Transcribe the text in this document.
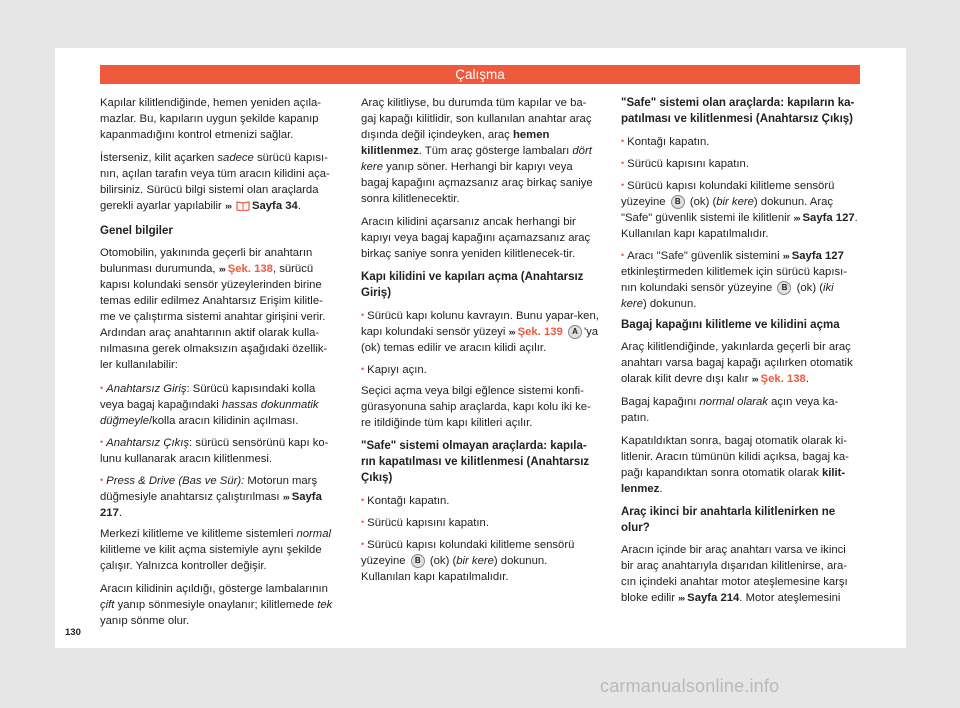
Çalışma

Kapılar kilitlendiğinde, hemen yeniden açıla-mazlar. Bu, kapıların uygun şekilde kapanıp kapanmadığını kontrol etmenizi sağlar.

İsterseniz, kilit açarken sadece sürücü kapısı-nın, açılan tarafın veya tüm aracın kilidini aça-bilirsiniz. Sürücü bilgi sistemi olan araçlarda gerekli ayarlar yapılabilir ››› Sayfa 34.

Genel bilgiler

Otomobilin, yakınında geçerli bir anahtarın bulunması durumunda, ››› Şek. 138, sürücü kapısı kolundaki sensör yüzeylerinden birine temas edilir edilmez Anahtarsız Erişim kilitle-me ve çalıştırma sistemi anahtar girişini verir. Ardından araç anahtarının aktif olarak kulla-nılmasına gerek olmaksızın aşağıdaki özellik-ler kullanılabilir:

• Anahtarsız Giriş: Sürücü kapısındaki kolla veya bagaj kapağındaki hassas dokunmatik düğmeyle/kolla aracın kilidinin açılması.
• Anahtarsız Çıkış: sürücü sensörünü kapı ko-lunu kullanarak aracın kilitlenmesi.
• Press & Drive (Bas ve Sür): Motorun marş düğmesiyle anahtarsız çalıştırılması ››› Sayfa 217.

Merkezi kilitleme ve kilitleme sistemleri normal kilitleme ve kilit açma sistemiyle aynı şekilde çalışır. Yalnızca kontroller değişir.

Aracın kilidinin açıldığı, gösterge lambalarının çift yanıp sönmesiyle onaylanır; kilitlemede tek yanıp sönme olur.

Araç kilitliyse, bu durumda tüm kapılar ve ba-gaj kapağı kilitlidir, son kullanılan anahtar araç dışında değil içindeyken, araç hemen kilitlenmez. Tüm araç gösterge lambaları dört kere yanıp söner. Herhangi bir kapıyı veya bagaj kapağını açmazsanız araç birkaç saniye sonra kilitlenecektir.

Aracın kilidini açarsanız ancak herhangi bir kapıyı veya bagaj kapağını açamazsanız araç birkaç saniye sonra yeniden kilitlenecek-tir.

Kapı kilidini ve kapıları açma (Anahtarsız Giriş)
• Sürücü kapı kolunu kavrayın. Bunu yapar-ken, kapı kolundaki sensör yüzeyi ››› Şek. 139 A 'ya (ok) temas edilir ve aracın kilidi açılır.
• Kapıyı açın.

Seçici açma veya bilgi eğlence sistemi konfi-gürasyonuna sahip araçlarda, kapı kolu iki ke-re itildiğinde tüm kapı kilitleri açılır.

"Safe" sistemi olmayan araçlarda: kapıla-rın kapatılması ve kilitlenmesi (Anahtarsız Çıkış)
• Kontağı kapatın.
• Sürücü kapısını kapatın.
• Sürücü kapısı kolundaki kilitleme sensörü yüzeyine B (ok) (bir kere) dokunun. Kullanılan kapı kapatılmalıdır.
"Safe" sistemi olan araçlarda: kapıların ka-patılması ve kilitlenmesi (Anahtarsız Çıkış)
• Kontağı kapatın.
• Sürücü kapısını kapatın.
• Sürücü kapısı kolundaki kilitleme sensörü yüzeyine B (ok) (bir kere) dokunun. Araç "Safe" güvenlik sistemi ile kilitlenir ››› Sayfa 127. Kullanılan kapı kapatılmalıdır.
• Aracı "Safe" güvenlik sistemini ››› Sayfa 127 etkinleştirmeden kilitlemek için sürücü kapısı-nın kolundaki sensör yüzeyine B (ok) (iki kere) dokunun.
Bagaj kapağını kilitleme ve kilidini açma

Araç kilitlendiğinde, yakınlarda geçerli bir araç anahtarı varsa bagaj kapağı açılırken otomatik olarak kilit devre dışı kalır ››› Şek. 138.

Bagaj kapağını normal olarak açın veya ka-patın.

Kapatıldıktan sonra, bagaj otomatik olarak ki-litlenir. Aracın tümünün kilidi açıksa, bagaj ka-pağı kapandıktan sonra otomatik olarak kilit-lenmez.

Araç ikinci bir anahtarla kilitlenirken ne olur?

Aracın içinde bir araç anahtarı varsa ve ikinci bir araç anahtarıyla dışarıdan kilitlenirse, ara-cın içindeki anahtar motor ateşlemesine karşı bloke edilir ››› Sayfa 214. Motor ateşlemesini

130
carmanualsonline.info
